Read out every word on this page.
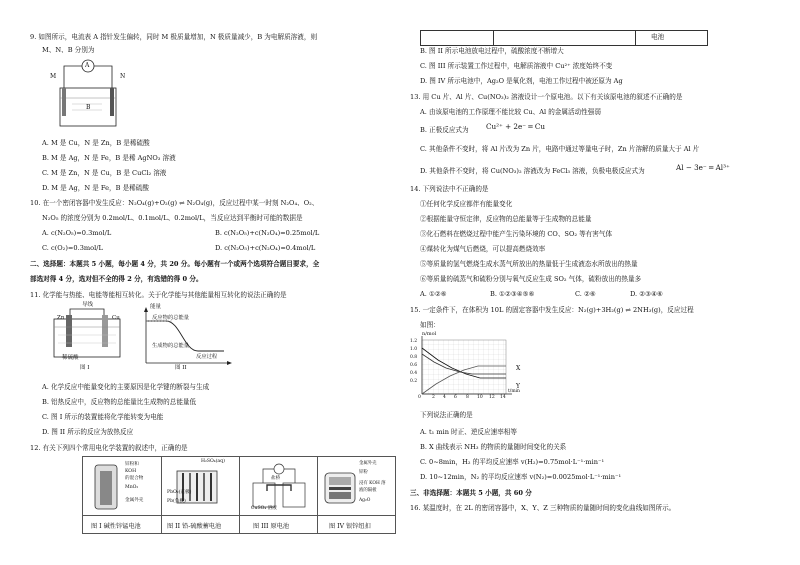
电池
9. 如图所示，电流表 A 指针发生偏转，同时 M 极质量增加，N 极质量减少，B 为电解质溶液，则
M、N、B 分别为
A
M	N
B
A. M 是 Cu，N 是 Zn，B 是稀硫酸
B. M 是 Ag，N 是 Fe，B 是稀 AgNO₃ 溶液
C. M 是 Zn，N 是 Cu，B 是 CuCl₂ 溶液
D. M 是 Ag，N 是 Fe，B 是稀硫酸
10. 在一个密闭容器中发生反应：N₂O₄(g)+O₂(g) ⇌ N₂O₄(g)，反应过程中某一时刻 N₂O₄、O₂、
N₂O₅ 的浓度分别为 0.2mol/L、0.1mol/L、0.2mol/L，当反应达到平衡时可能的数据是
A. c(N₂O₅)=0.3mol/L	B. c(N₂O₅)+c(N₂O₄)=0.25mol/L
C. c(O₂)=0.3mol/L	D. c(N₂O₅)+c(N₂O₄)=0.4mol/L
二、选择题：本题共 5 小题，每小题 4 分，共 20 分。每小题有一个或两个选项符合题目要求，全
部选对得 4 分，选对但不全的得 2 分，有选错的得 0 分。
11. 化学能与热能、电能等能相互转化。关于化学能与其他能量相互转化的说法正确的是
导线
Zn	Cu
稀硫酸
图 I
能量
反应物的总能量
生成物的总能量
反应过程
图 II
A. 化学反应中能量变化的主要原因是化学键的断裂与生成
B. 铝热反应中，反应物的总能量比生成物的总能量低
C. 图 I 所示的装置能将化学能转变为电能
D. 图 II 所示的反应为放热反应
12. 有关下列四个常用电化学装置的叙述中，正确的是
锌粉和
KOH
的混合物
MnO₂
金属外壳
H₂SO₄(aq)
PbO₂(正极)
Pb(负极)
盐桥
CuSO₄ 溶液
金属外壳
锌粉
浸有 KOH 溶
液的隔板
Ag₂O
图 I 碱性锌锰电池	图 II 铅-硫酸蓄电池	图 III 原电池	图 IV 银锌纽扣
B. 图 II 所示电池放电过程中，硫酸浓度不断增大
C. 图 III 所示装置工作过程中，电解质溶液中 Cu²⁺ 浓度始终不变
D. 图 IV 所示电池中，Ag₂O 是氧化剂，电池工作过程中被还原为 Ag
13. 用 Cu 片、Al 片、Cu(NO₃)₂ 溶液设计一个原电池。以下有关该原电池的叙述不正确的是
A. 由该原电池的工作原理不能比较 Cu、Al 的金属活动性强弱
B. 正极反应式为 Cu²⁺ + 2e⁻ ═ Cu
C. 其他条件不变时，将 Al 片改为 Zn 片，电路中通过等量电子时，Zn 片溶解的质量大于 Al 片
D. 其他条件不变时，将 Cu(NO₃)₂ 溶液改为 FeCl₃ 溶液，负极电极反应式为	Al − 3e⁻ ═ Al³⁺
14. 下列说法中不正确的是
①任何化学反应都伴有能量变化
②根据能量守恒定律，反应物的总能量等于生成物的总能量
③化石燃料在燃烧过程中能产生污染环境的 CO、SO₂ 等有害气体
④煤转化为煤气后燃烧，可以提高燃烧效率
⑤等质量的氢气燃烧生成水蒸气所放出的热量低于生成液态水所放出的热量
⑥等质量的硫蒸气和硫粉分别与氧气反应生成 SO₂ 气体，硫粉放出的热量多
A. ①②⑥	B. ①②③④⑤⑥	C. ②⑥	D. ②③④⑥
15. 一定条件下，在体积为 10L 的固定容器中发生反应：N₂(g)+3H₂(g) ⇌ 2NH₃(g)，反应过程
如图：
n/mol
1.2
1.0
0.8
0.6
0.4
0.2
0 2 4 6 8 10 12 14
t/min
X
Y
下列说法正确的是
A. t₁ min 时正、逆反应速率相等
B. X 曲线表示 NH₃ 的物质的量随时间变化的关系
C. 0~8min，H₂ 的平均反应速率 v(H₂)=0.75mol·L⁻¹·min⁻¹
D. 10~12min，N₂ 的平均反应速率 v(N₂)=0.0025mol·L⁻¹·min⁻¹
三、非选择题：本题共 5 小题，共 60 分
16. 某温度时，在 2L 的密闭容器中，X、Y、Z 三种物质的量随时间的变化曲线如图所示。
